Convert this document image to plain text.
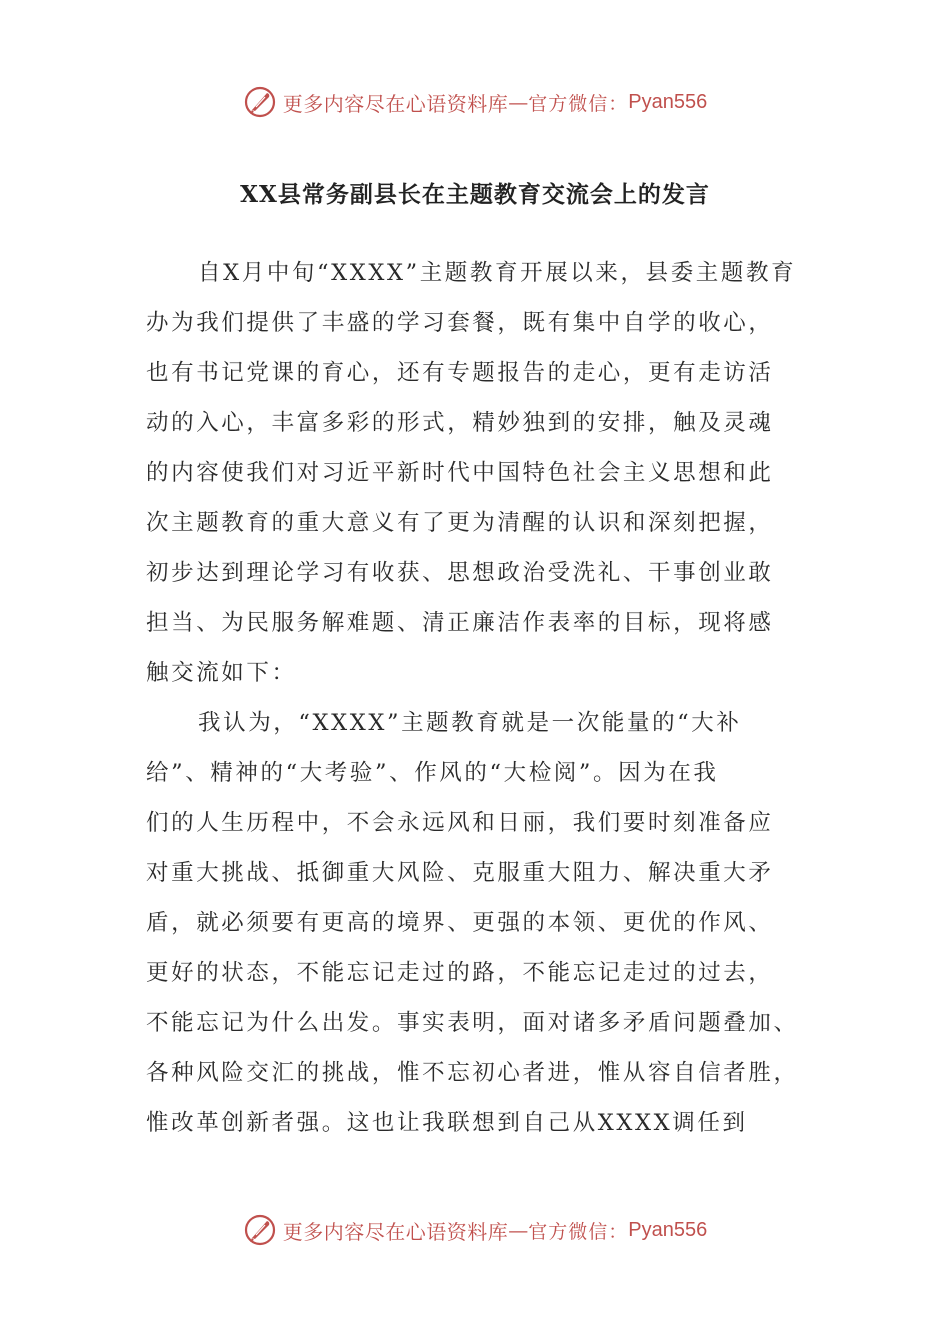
更多内容尽在心语资料库 — 官方微信： Pyan556
XX县常务副县长在主题教育交流会上的发言
自X月中旬“XXXX”主题教育开展以来，县委主题教育
办为我们提供了丰盛的学习套餐，既有集中自学的收心，
也有书记党课的育心，还有专题报告的走心，更有走访活
动的入心，丰富多彩的形式，精妙独到的安排，触及灵魂
的内容使我们对习近平新时代中国特色社会主义思想和此
次主题教育的重大意义有了更为清醒的认识和深刻把握，
初步达到理论学习有收获、思想政治受洗礼、干事创业敢
担当、为民服务解难题、清正廉洁作表率的目标，现将感
触交流如下：
我认为，“XXXX”主题教育就是一次能量的“大补
给”、精神的“大考验”、作风的“大检阅”。因为在我
们的人生历程中，不会永远风和日丽，我们要时刻准备应
对重大挑战、抵御重大风险、克服重大阻力、解决重大矛
盾，就必须要有更高的境界、更强的本领、更优的作风、
更好的状态，不能忘记走过的路，不能忘记走过的过去，
不能忘记为什么出发。事实表明，面对诸多矛盾问题叠加、
各种风险交汇的挑战，惟不忘初心者进，惟从容自信者胜，
惟改革创新者强。这也让我联想到自己从XXXX调任到
更多内容尽在心语资料库 — 官方微信： Pyan556
